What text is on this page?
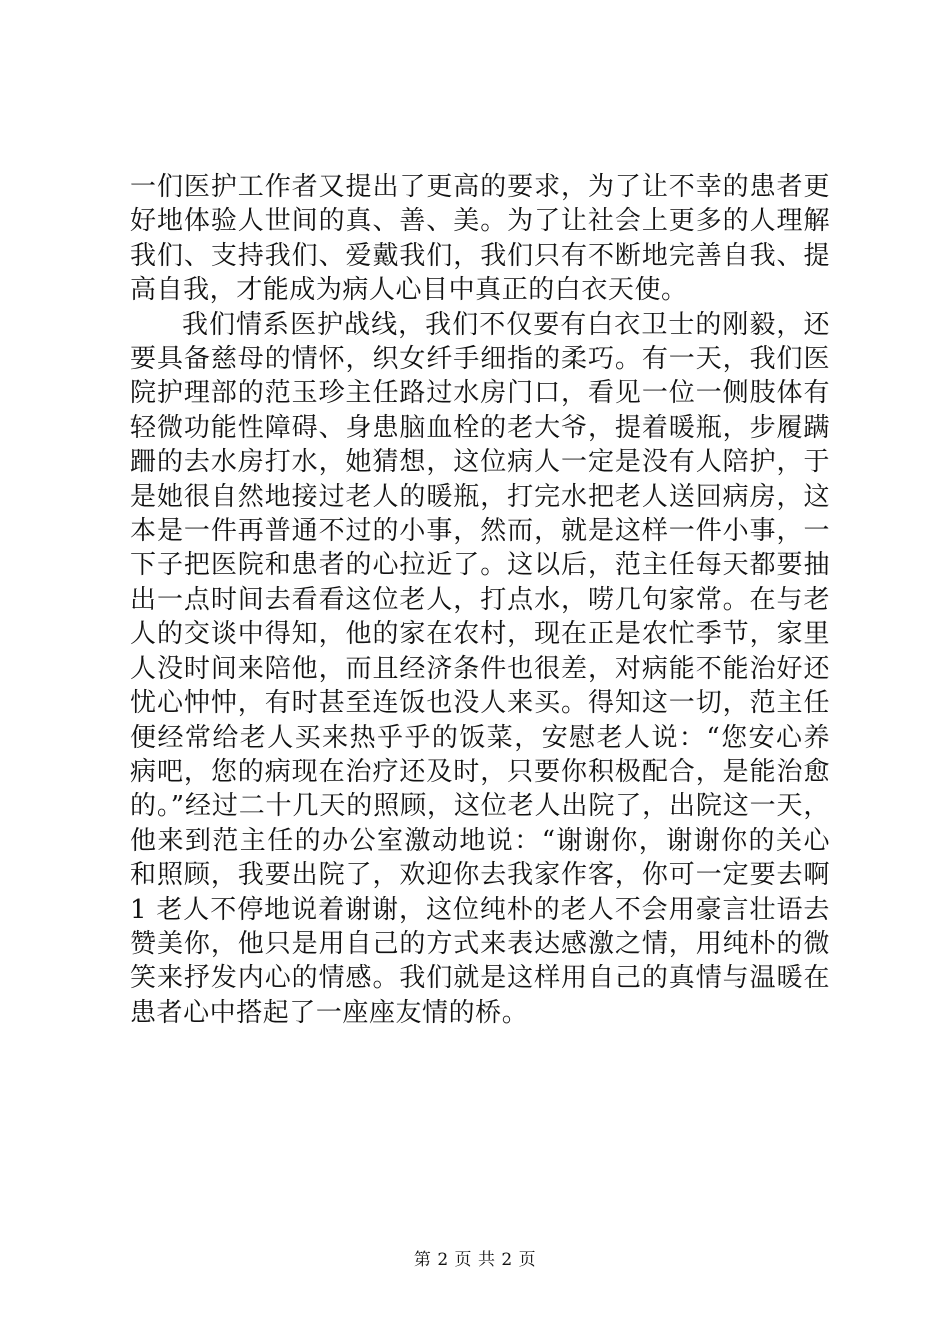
一们医护工作者又提出了更高的要求，为了让不幸的患者更好地体验人世间的真、善、美。为了让社会上更多的人理解我们、支持我们、爱戴我们，我们只有不断地完善自我、提高自我，才能成为病人心目中真正的白衣天使。

我们情系医护战线，我们不仅要有白衣卫士的刚毅，还要具备慈母的情怀，织女纤手细指的柔巧。有一天，我们医院护理部的范玉珍主任路过水房门口，看见一位一侧肢体有轻微功能性障碍、身患脑血栓的老大爷，提着暖瓶，步履蹒跚的去水房打水，她猜想，这位病人一定是没有人陪护，于是她很自然地接过老人的暖瓶，打完水把老人送回病房，这本是一件再普通不过的小事，然而，就是这样一件小事，一下子把医院和患者的心拉近了。这以后，范主任每天都要抽出一点时间去看看这位老人，打点水，唠几句家常。在与老人的交谈中得知，他的家在农村，现在正是农忙季节，家里人没时间来陪他，而且经济条件也很差，对病能不能治好还忧心忡忡，有时甚至连饭也没人来买。得知这一切，范主任便经常给老人买来热乎乎的饭菜，安慰老人说：“您安心养病吧，您的病现在治疗还及时，只要你积极配合，是能治愈的。”经过二十几天的照顾，这位老人出院了，出院这一天，他来到范主任的办公室激动地说：“谢谢你，谢谢你的关心和照顾，我要出院了，欢迎你去我家作客，你可一定要去啊 1 老人不停地说着谢谢，这位纯朴的老人不会用豪言壮语去赞美你，他只是用自己的方式来表达感激之情，用纯朴的微笑来抒发内心的情感。我们就是这样用自己的真情与温暖在患者心中搭起了一座座友情的桥。

第 2 页 共 2 页
